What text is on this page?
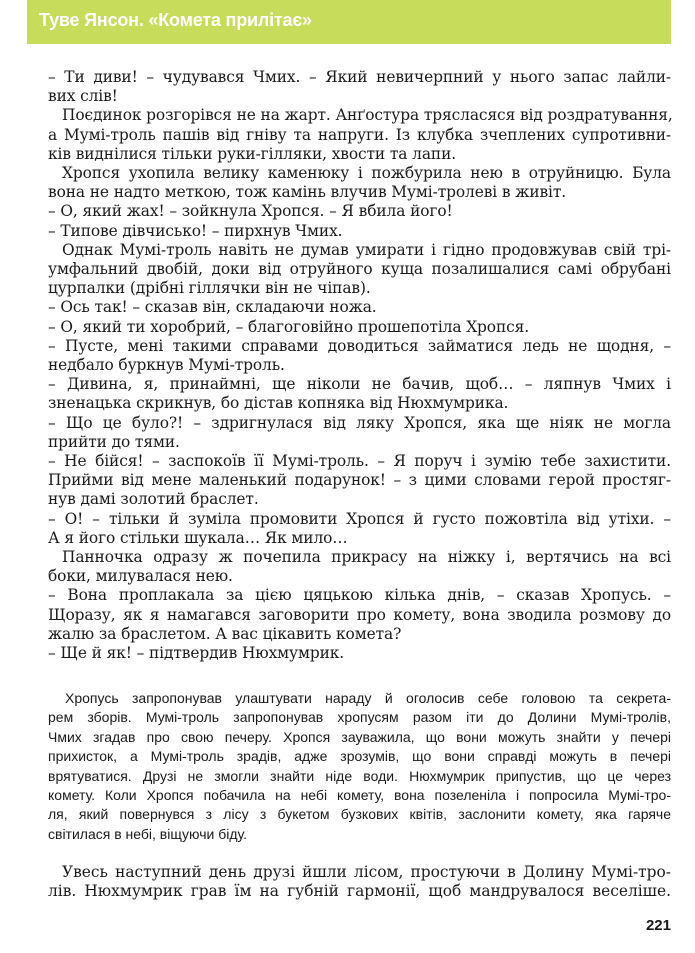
Туве Янсон. «Комета прилітає»
– Ти диви! – чудувався Чмих. – Який невичерпний у нього запас лайли-
вих слів!
Поєдинок розгорівся не на жарт. Анґостура трясласяся від роздратування,
а Мумі-троль пашів від гніву та напруги. Із клубка зчеплених супротивни-
ків виднілися тільки руки-гілляки, хвости та лапи.
Хропся ухопила велику каменюку і пожбурила нею в отруйницю. Була
вона не надто меткою, тож камінь влучив Мумі-тролеві в живіт.
– О, який жах! – зойкнула Хропся. – Я вбила його!
– Типове дівчисько! – пирхнув Чмих.
Однак Мумі-троль навіть не думав умирати і гідно продовжував свій трі-
умфальний двобій, доки від отруйного куща позалишалися самі обрубані
цурпалки (дрібні гіллячки він не чіпав).
– Ось так! – сказав він, складаючи ножа.
– О, який ти хоробрий, – благоговійно прошепотіла Хропся.
– Пусте, мені такими справами доводиться займатися ледь не щодня, –
недбало буркнув Мумі-троль.
– Дивина, я, принаймні, ще ніколи не бачив, щоб… – ляпнув Чмих і
зненацька скрикнув, бо дістав копняка від Нюхмумрика.
– Що це було?! – здригнулася від ляку Хропся, яка ще ніяк не могла
прийти до тями.
– Не бійся! – заспокоїв її Мумі-троль. – Я поруч і зумію тебе захистити.
Прийми від мене маленький подарунок! – з цими словами герой простяг-
нув дамі золотий браслет.
– О! – тільки й зуміла промовити Хропся й густо пожовтіла від утіхи. –
А я його стільки шукала… Як мило…
Панночка одразу ж почепила прикрасу на ніжку і, вертячись на всі
боки, милувалася нею.
– Вона проплакала за цією цяцькою кілька днів, – сказав Хропусь. –
Щоразу, як я намагався заговорити про комету, вона зводила розмову до
жалю за браслетом. А вас цікавить комета?
– Ще й як! – підтвердив Нюхмумрик.
Хропусь запропонував улаштувати нараду й оголосив себе головою та секрета-
рем зборів. Мумі-троль запропонував хропусям разом іти до Долини Мумі-тролів,
Чмих згадав про свою печеру. Хропся зауважила, що вони можуть знайти у печері
прихисток, а Мумі-троль зрадів, адже зрозумів, що вони справді можуть в печері
врятуватися. Друзі не змогли знайти ніде води. Нюхмумрик припустив, що це через
комету. Коли Хропся побачила на небі комету, вона позеленіла і попросила Мумі-тро-
ля, який повернувся з лісу з букетом бузкових квітів, заслонити комету, яка гаряче
світилася в небі, віщуючи біду.
Увесь наступний день друзі йшли лісом, простуючи в Долину Мумі-тро-
лів. Нюхмумрик грав їм на губній гармонії, щоб мандрувалося веселіше.
221
